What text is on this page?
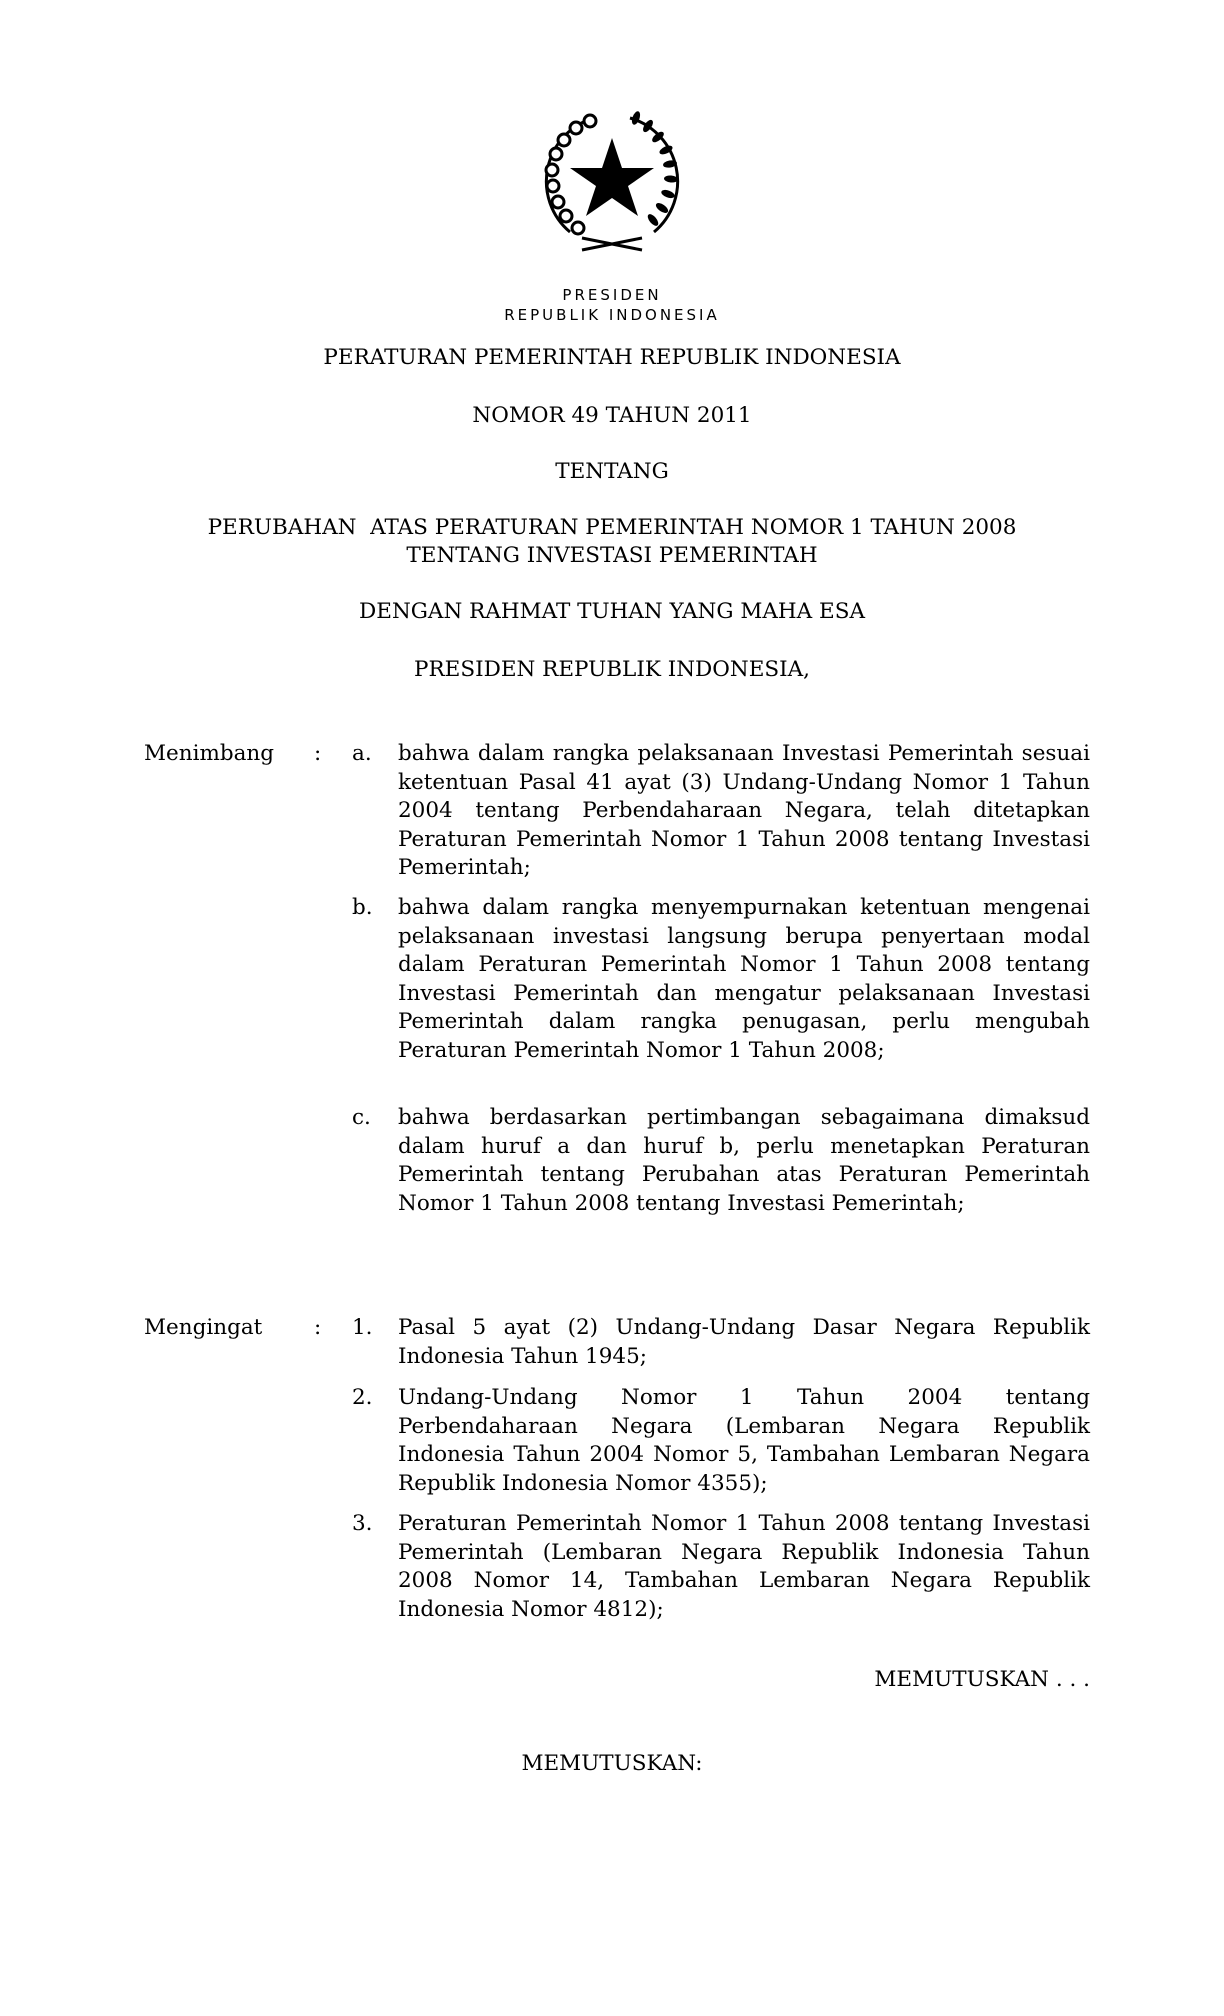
PRESIDEN
REPUBLIK INDONESIA
PERATURAN PEMERINTAH REPUBLIK INDONESIA
NOMOR 49 TAHUN 2011
TENTANG
PERUBAHAN  ATAS PERATURAN PEMERINTAH NOMOR 1 TAHUN 2008
TENTANG INVESTASI PEMERINTAH
DENGAN RAHMAT TUHAN YANG MAHA ESA
PRESIDEN REPUBLIK INDONESIA,
Menimbang : a. bahwa dalam rangka pelaksanaan Investasi Pemerintah sesuai ketentuan Pasal 41 ayat (3) Undang-Undang Nomor 1 Tahun 2004 tentang Perbendaharaan Negara, telah ditetapkan Peraturan Pemerintah Nomor 1 Tahun 2008 tentang Investasi Pemerintah;
b. bahwa dalam rangka menyempurnakan ketentuan mengenai pelaksanaan investasi langsung berupa penyertaan modal dalam Peraturan Pemerintah Nomor 1 Tahun 2008 tentang Investasi Pemerintah dan mengatur pelaksanaan Investasi Pemerintah dalam rangka penugasan, perlu mengubah Peraturan Pemerintah Nomor 1 Tahun 2008;
c. bahwa berdasarkan pertimbangan sebagaimana dimaksud dalam huruf a dan huruf b, perlu menetapkan Peraturan Pemerintah tentang Perubahan atas Peraturan Pemerintah Nomor 1 Tahun 2008 tentang Investasi Pemerintah;
Mengingat : 1. Pasal 5 ayat (2) Undang-Undang Dasar Negara Republik Indonesia Tahun 1945;
2. Undang-Undang Nomor 1 Tahun 2004 tentang Perbendaharaan Negara (Lembaran Negara Republik Indonesia Tahun 2004 Nomor 5, Tambahan Lembaran Negara Republik Indonesia Nomor 4355);
3. Peraturan Pemerintah Nomor 1 Tahun 2008 tentang Investasi Pemerintah (Lembaran Negara Republik Indonesia Tahun 2008 Nomor 14, Tambahan Lembaran Negara Republik Indonesia Nomor 4812);
MEMUTUSKAN . . .
MEMUTUSKAN:
